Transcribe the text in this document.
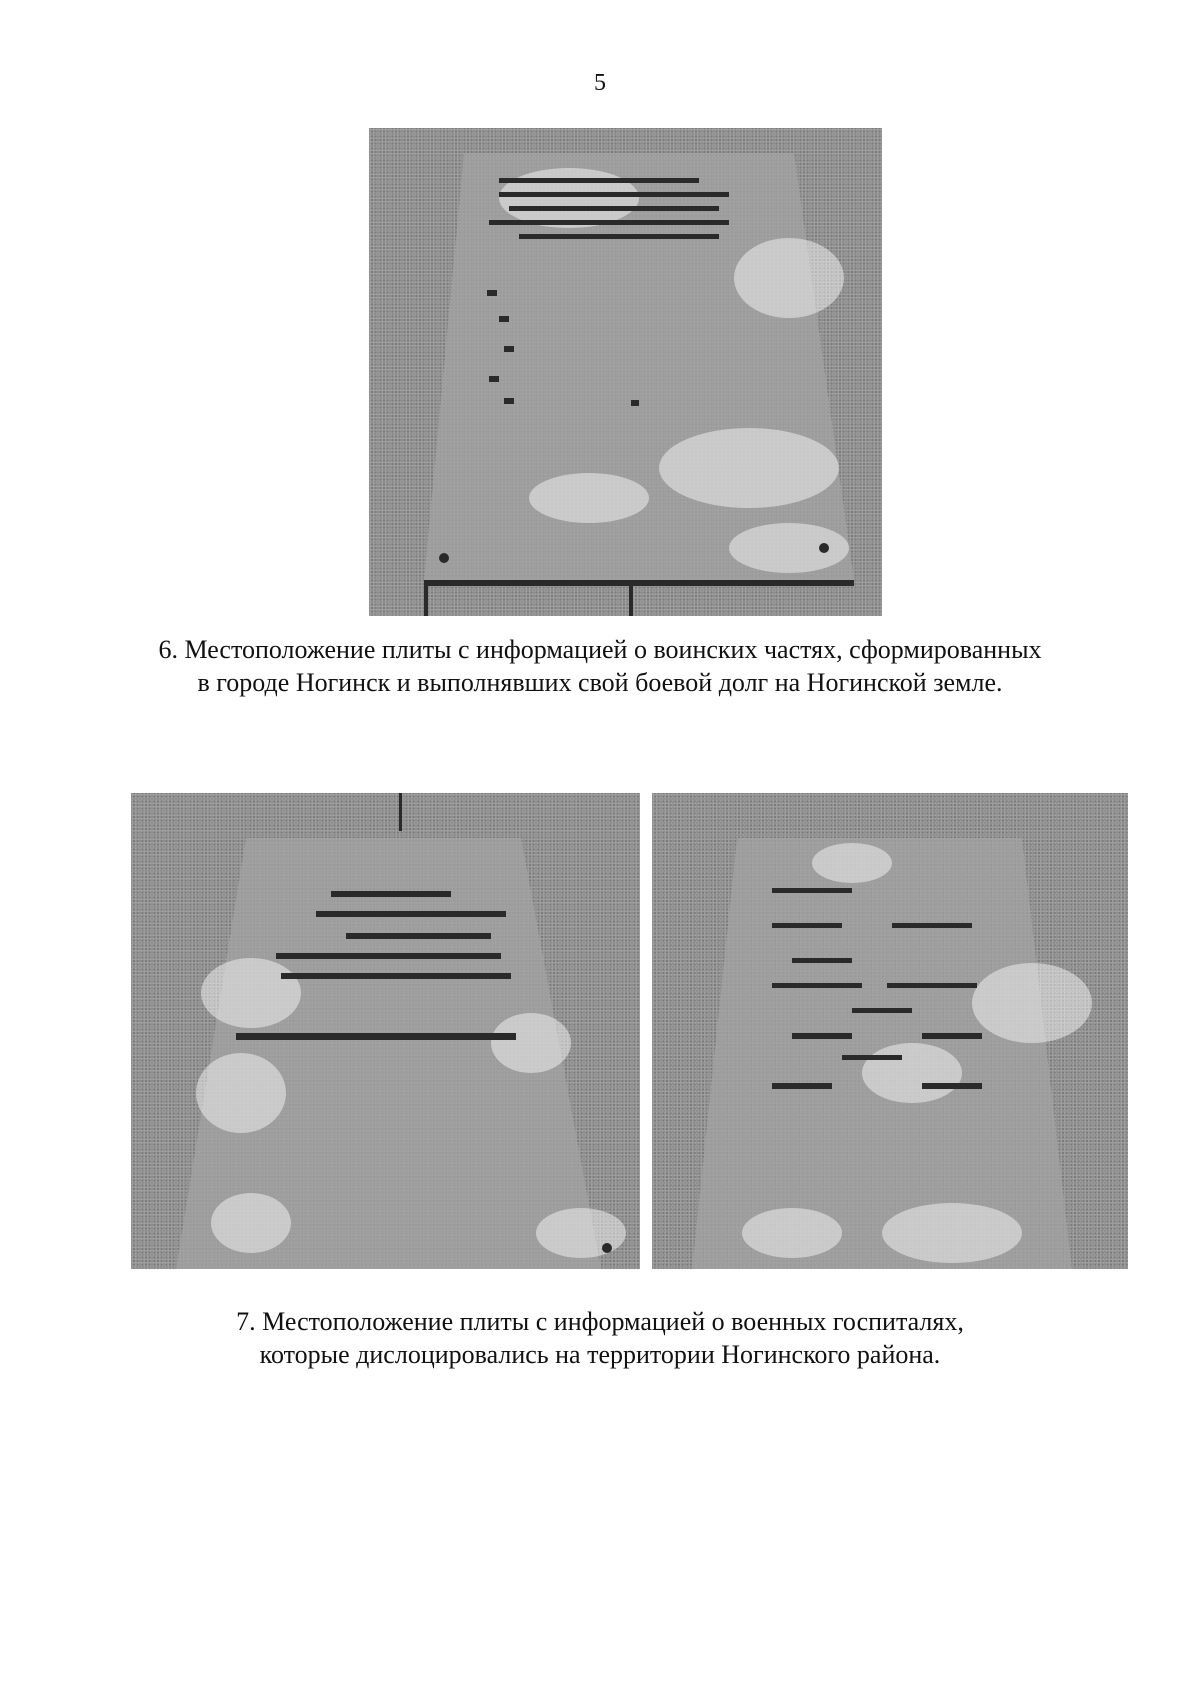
5
6. Местоположение плиты с информацией о воинских частях, сформированных
в городе Ногинск и выполнявших свой боевой долг на Ногинской земле.
7. Местоположение плиты с информацией о военных госпиталях,
которые дислоцировались на территории Ногинского района.
